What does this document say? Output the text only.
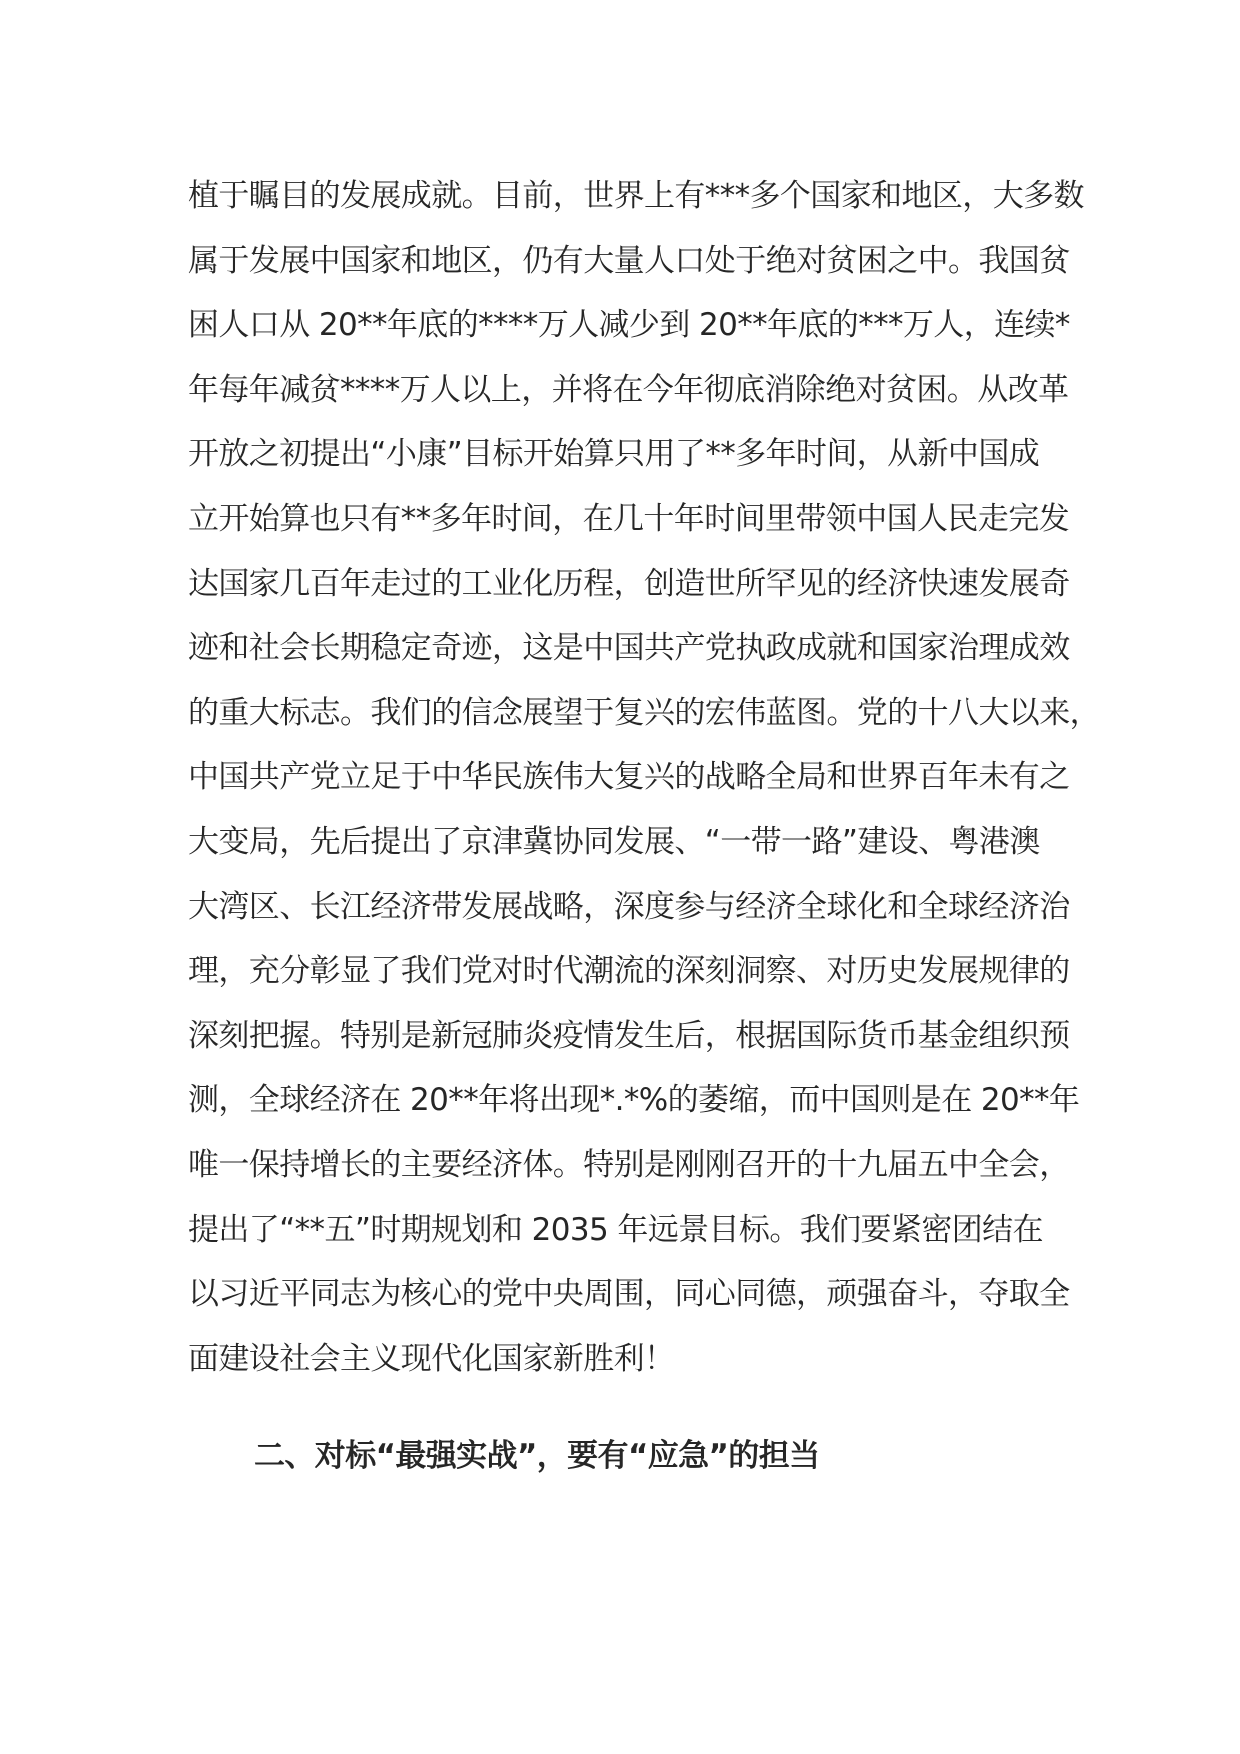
植于瞩目的发展成就。目前，世界上有***多个国家和地区，大多数
属于发展中国家和地区，仍有大量人口处于绝对贫困之中。我国贫
困人口从 20**年底的****万人减少到 20**年底的***万人，连续*
年每年减贫****万人以上，并将在今年彻底消除绝对贫困。从改革
开放之初提出“小康”目标开始算只用了**多年时间，从新中国成
立开始算也只有**多年时间，在几十年时间里带领中国人民走完发
达国家几百年走过的工业化历程，创造世所罕见的经济快速发展奇
迹和社会长期稳定奇迹，这是中国共产党执政成就和国家治理成效
的重大标志。我们的信念展望于复兴的宏伟蓝图。党的十八大以来，
中国共产党立足于中华民族伟大复兴的战略全局和世界百年未有之
大变局，先后提出了京津冀协同发展、“一带一路”建设、粤港澳
大湾区、长江经济带发展战略，深度参与经济全球化和全球经济治
理，充分彰显了我们党对时代潮流的深刻洞察、对历史发展规律的
深刻把握。特别是新冠肺炎疫情发生后，根据国际货币基金组织预
测，全球经济在 20**年将出现*.*%的萎缩，而中国则是在 20**年
唯一保持增长的主要经济体。特别是刚刚召开的十九届五中全会，
提出了“**五”时期规划和 2035 年远景目标。我们要紧密团结在
以习近平同志为核心的党中央周围，同心同德，顽强奋斗，夺取全
面建设社会主义现代化国家新胜利！
二、对标“最强实战”，要有“应急”的担当
